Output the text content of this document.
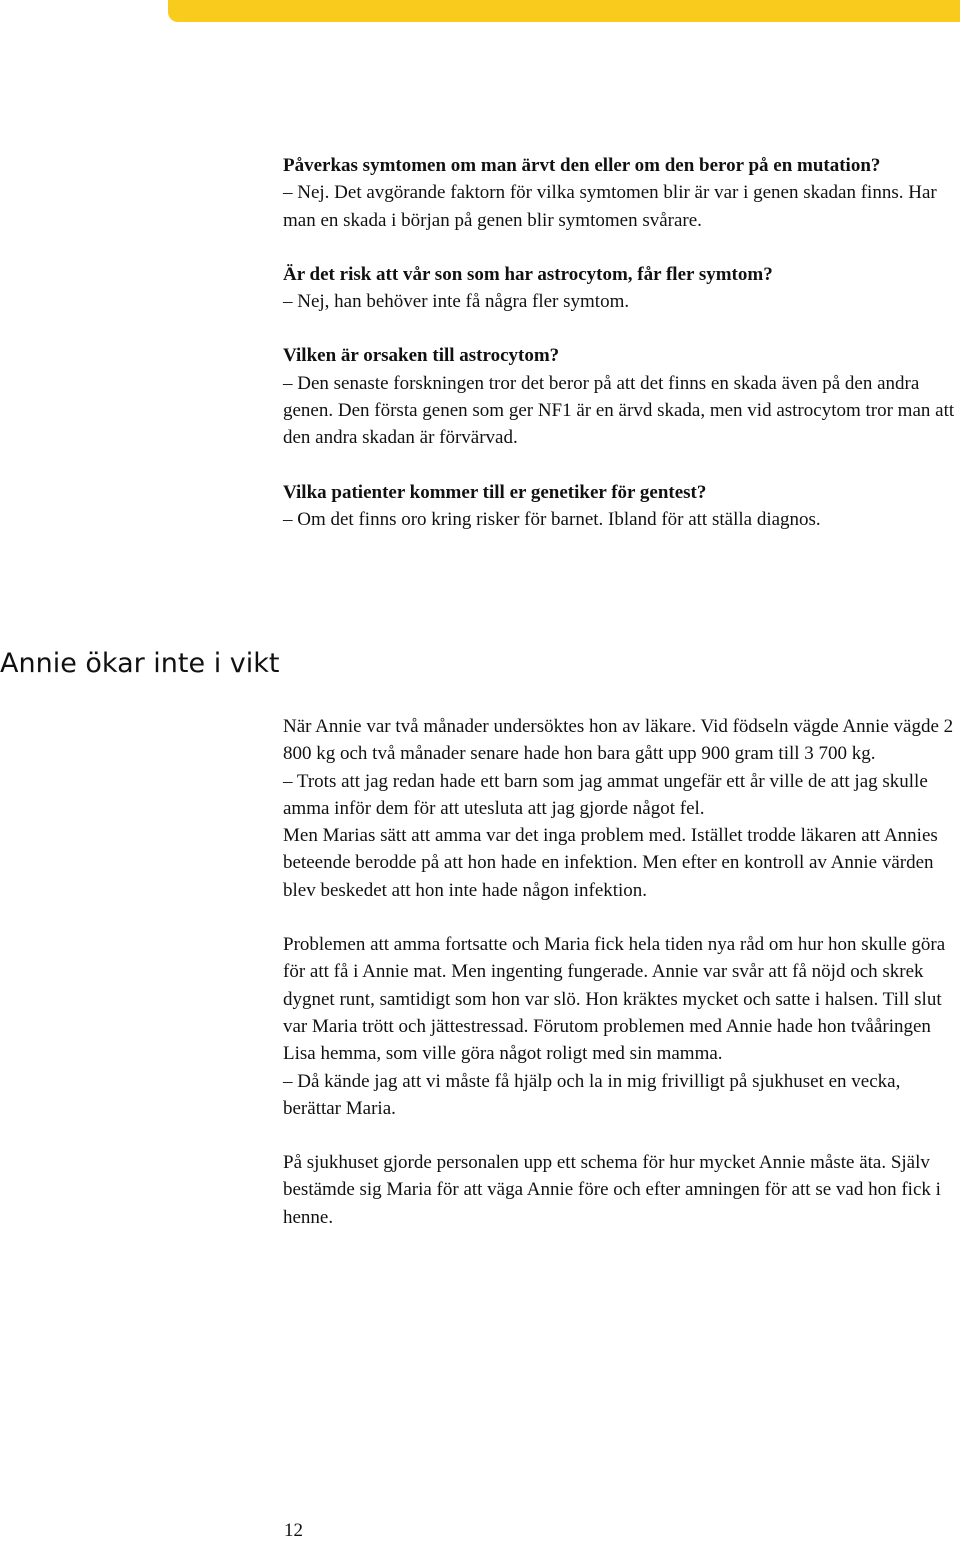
Påverkas symtomen om man ärvt den eller om den beror på en mutation?
– Nej. Det avgörande faktorn för vilka symtomen blir är var i genen skadan finns. Har man en skada i början på genen blir symtomen svårare.
Är det risk att vår son som har astrocytom, får fler symtom?
– Nej, han behöver inte få några fler symtom.
Vilken är orsaken till astrocytom?
– Den senaste forskningen tror det beror på att det finns en skada även på den andra genen. Den första genen som ger NF1 är en ärvd skada, men vid astrocytom tror man att den andra skadan är förvärvad.
Vilka patienter kommer till er genetiker för gentest?
– Om det finns oro kring risker för barnet. Ibland för att ställa diagnos.
Annie ökar inte i vikt
När Annie var två månader undersöktes hon av läkare. Vid födseln vägde Annie vägde 2 800 kg och två månader senare hade hon bara gått upp 900 gram till 3 700 kg.
– Trots att jag redan hade ett barn som jag ammat ungefär ett år ville de att jag skulle amma inför dem för att utesluta att jag gjorde något fel.
Men Marias sätt att amma var det inga problem med. Istället trodde läkaren att Annies beteende berodde på att hon hade en infektion. Men efter en kontroll av Annie värden blev beskedet att hon inte hade någon infektion.
Problemen att amma fortsatte och Maria fick hela tiden nya råd om hur hon skulle göra för att få i Annie mat. Men ingenting fungerade. Annie var svår att få nöjd och skrek dygnet runt, samtidigt som hon var slö. Hon kräktes mycket och satte i halsen. Till slut var Maria trött och jättestressad. Förutom problemen med Annie hade hon tvååringen Lisa hemma, som ville göra något roligt med sin mamma.
– Då kände jag att vi måste få hjälp och la in mig frivilligt på sjukhuset en vecka, berättar Maria.
På sjukhuset gjorde personalen upp ett schema för hur mycket Annie måste äta. Själv bestämde sig Maria för att väga Annie före och efter amningen för att se vad hon fick i henne.
12
